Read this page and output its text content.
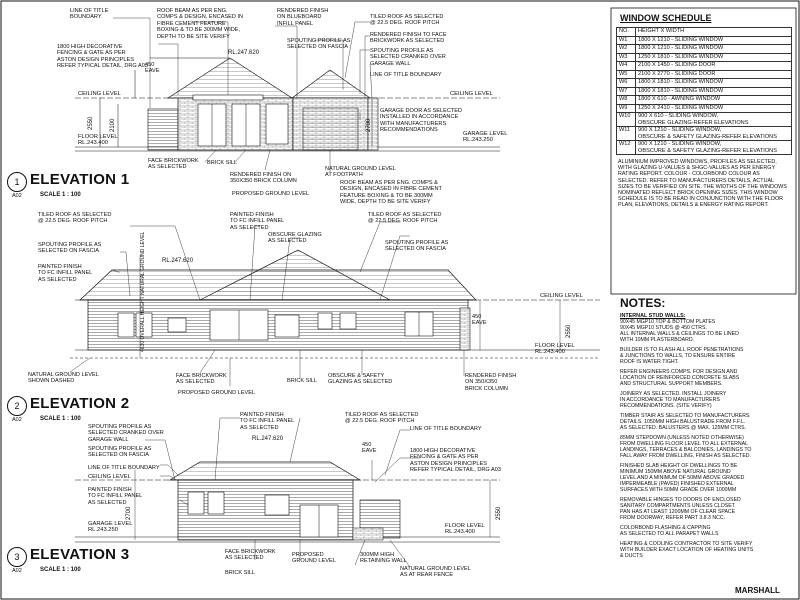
LINE OF TITLE
BOUNDARY
1800 HIGH DECORATIVE
FENCING & GATE AS PER
ASTON DESIGN PRINCIPLES
REFER TYPICAL DETAIL, DRG A03
ROOF BEAM AS PER ENG.
COMPS & DESIGN, ENCASED IN
FIBRE CEMENT FEATURE
BOXING & TO BE 300MM WIDE,
DEPTH TO BE SITE VERIFY
RENDERED FINISH
ON BLUEBOARD
INFILL PANEL
SPOUTING PROFILE AS
SELECTED ON FASCIA
TILED ROOF AS SELECTED
@ 22.5 DEG. ROOF PITCH
RENDERED FINISH TO FACE
BRICKWORK AS SELECTED
SPOUTING PROFILE AS
SELECTED CRANKED OVER
GARAGE WALL
LINE OF TITLE BOUNDARY
GARAGE DOOR AS SELECTED
INSTALLED IN ACCORDANCE
WITH MANUFACTURERS
RECOMMENDATIONS
FACE BRICKWORK
AS SELECTED
BRICK SILL
RENDERED FINISH ON
350X350 BRICK COLUMN
PROPOSED GROUND LEVEL
NATURAL GROUND LEVEL
AT FOOTPATH
CEILING LEVEL	CEILING LEVEL
FLOOR LEVEL
RL.243.400
GARAGE LEVEL
RL.243.250
RL.247.620
450
EAVE
2550	2100	2700
1
A02
ELEVATION 1
SCALE 1 : 100
ROOF BEAM AS PER ENG. COMPS &
DESIGN, ENCASED IN FIBRE CEMENT
FEATURE BOXING & TO BE 300MM
WIDE, DEPTH TO BE SITE VERIFY
TILED ROOF AS SELECTED
@ 22.5 DEG. ROOF PITCH
PAINTED FINISH
TO FC INFILL PANEL
AS SELECTED
TILED ROOF AS SELECTED
@ 22.5 DEG. ROOF PITCH
SPOUTING PROFILE AS
SELECTED ON FASCIA
OBSCURE GLAZING
AS SELECTED	SPOUTING PROFILE AS
SELECTED ON FASCIA
PAINTED FINISH
TO FC INFILL PANEL
AS SELECTED
RL.247.620
CEILING LEVEL
FLOOR LEVEL
RL.243.400
450
EAVE
2550
4630 OVERALL HEIGHT NATURAL GROUND LEVEL
NATURAL GROUND LEVEL
SHOWN DASHED
FACE BRICKWORK
AS SELECTED	BRICK SILL
OBSCURE & SAFETY
GLAZING AS SELECTED
RENDERED FINISH
ON 350X350
BRICK COLUMN
PROPOSED GROUND LEVEL
2
A02
ELEVATION 2
SCALE 1 : 100
PAINTED FINISH
TO FC INFILL PANEL
AS SELECTED
SPOUTING PROFILE AS
SELECTED CRANKED OVER
GARAGE WALL
SPOUTING PROFILE AS
SELECTED ON FASCIA
TILED ROOF AS SELECTED
@ 22.5 DEG. ROOF PITCH
LINE OF TITLE BOUNDARY
LINE OF TITLE BOUNDARY
1800 HIGH DECORATIVE
FENCING & GATE AS PER
ASTON DESIGN PRINCIPLES
REFER TYPICAL DETAIL, DRG A03
PAINTED FINISH
TO FC INFILL PANEL
AS SELECTED
RL.247.620
CEILING LEVEL
GARAGE LEVEL
RL.243.250
FLOOR LEVEL
RL.243.400
450
EAVE
2700	2550
FACE BRICKWORK
AS SELECTED
BRICK SILL
PROPOSED
GROUND LEVEL
300MM HIGH
RETAINING WALL
NATURAL GROUND LEVEL
AS AT REAR FENCE
3
A02
ELEVATION 3
SCALE 1 : 100
WINDOW SCHEDULE
NO.	HEIGHT X WIDTH
W1	1800 X 1210 - SLIDING WINDOW
W2	1800 X 1210 - SLIDING WINDOW
W3	1250 X 1810 - SLIDING WINDOW
W4	2100 X 1450 - SLIDING DOOR
W5	2100 X 2770 - SLIDING DOOR
W6	1800 X 1810 - SLIDING WINDOW
W7	1800 X 1810 - SLIDING WINDOW
W8	1800 X 610 - AWNING WINDOW
W9	1250 X 2410 - SLIDING WINDOW
W10	900 X 610 - SLIDING WINDOW,
OBSCURE GLAZING-REFER ELEVATIONS
W11	900 X 1210 - SLIDING WINDOW,
OBSCURE & SAFETY GLAZING-REFER ELEVATIONS
W12	900 X 1210 - SLIDING WINDOW,
OBSCURE & SAFETY GLAZING-REFER ELEVATIONS
ALUMINIUM IMPROVED WINDOWS, PROFILES AS SELECTED, WITH GLAZING U-VALUES & SHGC-VALUES AS PER ENERGY RATING REPORT. COLOUR - COLORBOND COLOUR AS SELECTED. REFER TO MANUFACTURERS DETAILS, ACTUAL SIZES TO BE VERIFIED ON SITE. THE WIDTHS OF THE WINDOWS NOMINATED REFLECT BRICK OPENING SIZES. THIS WINDOW SCHEDULE IS TO BE READ IN CONJUNCTION WITH THE FLOOR PLAN, ELEVATIONS, DETAILS & ENERGY RATING REPORT.
NOTES:
INTERNAL STUD WALLS:
90X45 MGP10 TOP & BOTTOM PLATES
90X45 MGP10 STUDS @ 450 CTRS.
ALL INTERNAL WALLS & CEILINGS TO BE LINED
WITH 10MM PLASTERBOARD.
BUILDER IS TO FLASH ALL ROOF PENETRATIONS
& JUNCTIONS TO WALLS, TO ENSURE ENTIRE
ROOF IS WATER TIGHT.
REFER ENGINEERS COMPS. FOR DESIGN AND
LOCATION OF REINFORCED CONCRETE SLABS
AND STRUCTURAL SUPPORT MEMBERS.
JOINERY AS SELECTED. INSTALL JOINERY
IN ACCORDANCE TO MANUFACTURERS
RECOMMENDATIONS. (SITE VERIFY)
TIMBER STAIR AS SELECTED TO MANUFACTURERS
DETAILS. 1050MM HIGH BALUSTRADE FROM F.F.L.
AS SELECTED. BALUSTERS @ MAX. 125MM CTRS.
85MM STEPDOWN (UNLESS NOTED OTHERWISE)
FROM DWELLING FLOOR LEVEL TO ALL EXTERNAL
LANDINGS, TERRACES & BALCONIES. LANDINGS TO
FALL AWAY FROM DWELLING, FINISH AS SELECTED.
FINISHED SLAB HEIGHT OF DWELLINGS TO BE
MINIMUM 150MM ABOVE NATURAL GROUND
LEVEL AND A MINIMUM OF 50MM ABOVE GRADED
IMPERMEABLE (PAVED) FINISHED EXTERNAL
SURFACES WITH 50MM GRADE OVER 1000MM
REMOVABLE HINGES TO DOORS OF ENCLOSED
SANITARY COMPARTMENTS UNLESS CLOSET
PAN HAS AT LEAST 1200MM OF CLEAR SPACE
FROM DOORWAY, REFER PART 3.8.3 NCC.
COLORBOND FLASHING & CAPPING
AS SELECTED TO ALL PARAPET WALLS
HEATING & COOLING CONTRACTOR TO SITE VERIFY
WITH BUILDER EXACT LOCATION OF HEATING UNITS
& DUCTS
MARSHALL
